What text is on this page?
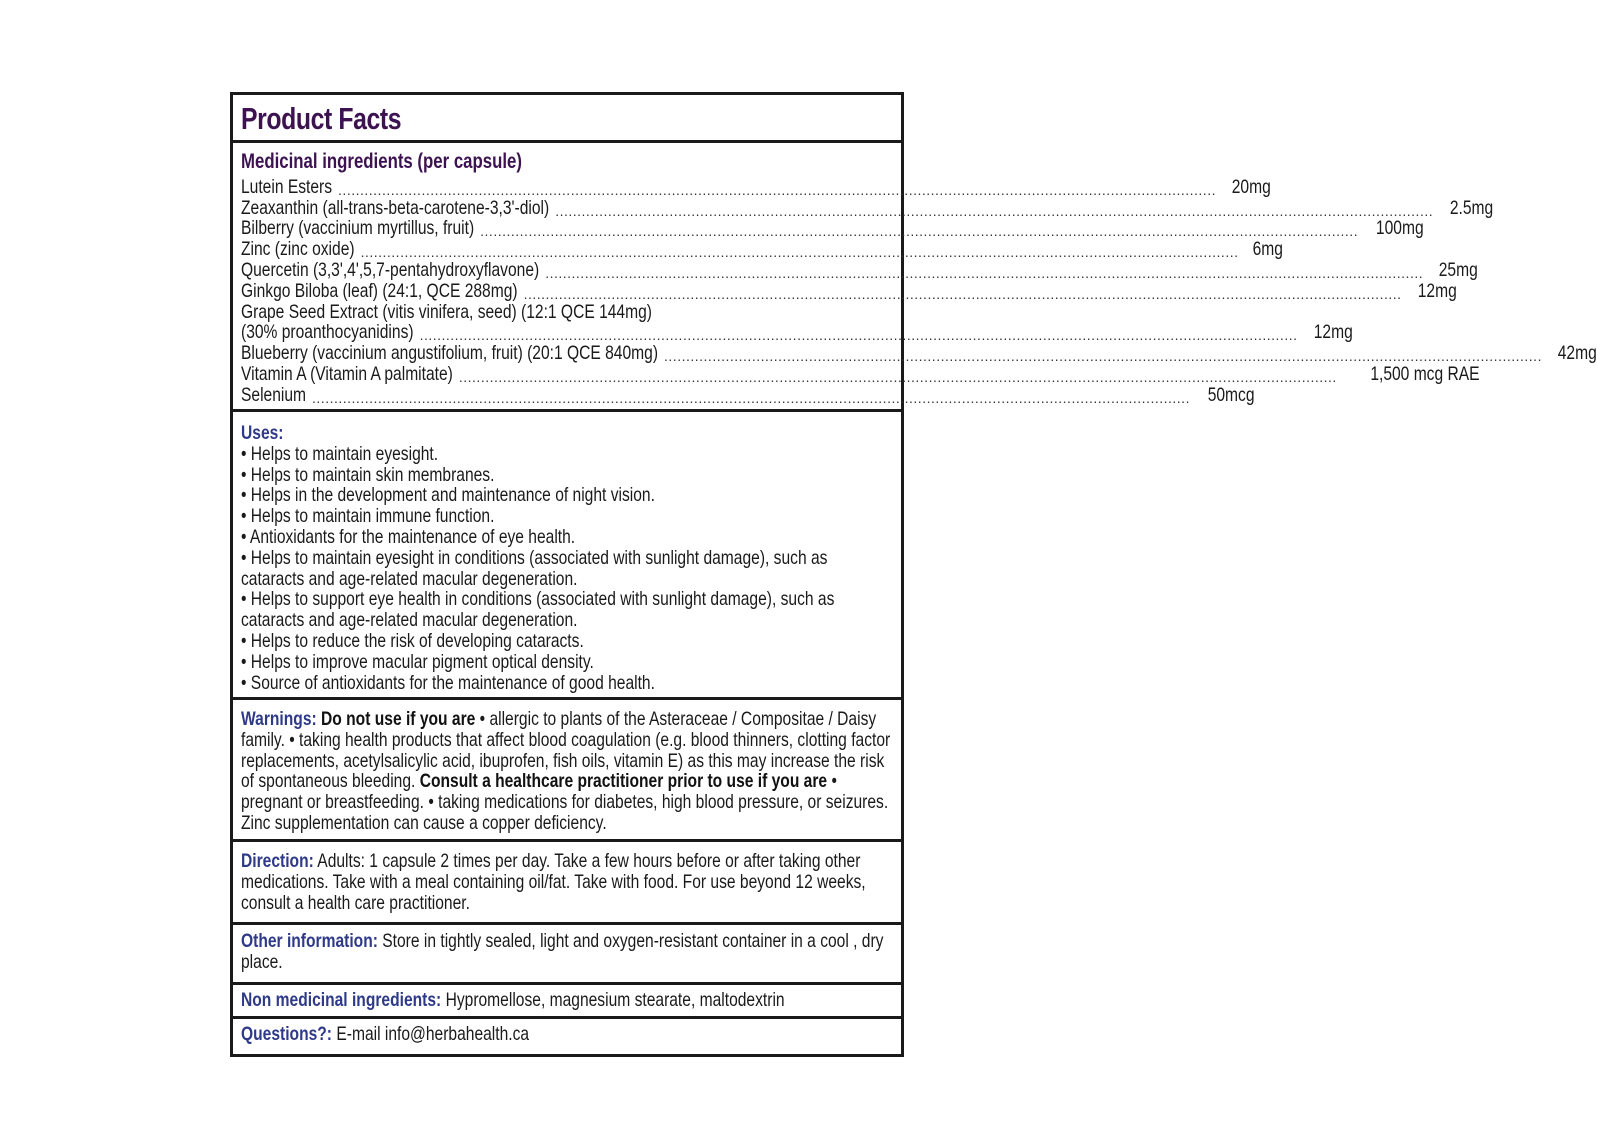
Product Facts
Medicinal ingredients (per capsule)
Lutein Esters ........................................................................................................................................................................................................ 20mg
Zeaxanthin (all-trans-beta-carotene-3,3'-diol) ........................................................................................................................................................................................................ 2.5mg
Bilberry (vaccinium myrtillus, fruit) ........................................................................................................................................................................................................ 100mg
Zinc (zinc oxide) ........................................................................................................................................................................................................ 6mg
Quercetin (3,3',4',5,7-pentahydroxyflavone) ........................................................................................................................................................................................................ 25mg
Ginkgo Biloba (leaf) (24:1, QCE 288mg) ........................................................................................................................................................................................................ 12mg
Grape Seed Extract (vitis vinifera, seed) (12:1 QCE 144mg)
(30% proanthocyanidins) ........................................................................................................................................................................................................ 12mg
Blueberry (vaccinium angustifolium, fruit) (20:1 QCE 840mg) ........................................................................................................................................................................................................ 42mg
Vitamin A (Vitamin A palmitate) ........................................................................................................................................................................................................	1,500 mcg RAE
Selenium ........................................................................................................................................................................................................ 50mcg
Uses:
• Helps to maintain eyesight.
• Helps to maintain skin membranes.
• Helps in the development and maintenance of night vision.
• Helps to maintain immune function.
• Antioxidants for the maintenance of eye health.
• Helps to maintain eyesight in conditions (associated with sunlight damage), such as cataracts and age-related macular degeneration.
• Helps to support eye health in conditions (associated with sunlight damage), such as cataracts and age-related macular degeneration.
• Helps to reduce the risk of developing cataracts.
• Helps to improve macular pigment optical density.
• Source of antioxidants for the maintenance of good health.
Warnings: Do not use if you are • allergic to plants of the Asteraceae / Compositae / Daisy family. • taking health products that affect blood coagulation (e.g. blood thinners, clotting factor replacements, acetylsalicylic acid, ibuprofen, fish oils, vitamin E) as this may increase the risk of spontaneous bleeding. Consult a healthcare practitioner prior to use if you are • pregnant or breastfeeding. • taking medications for diabetes, high blood pressure, or seizures. Zinc supplementation can cause a copper deficiency.
Direction: Adults: 1 capsule 2 times per day. Take a few hours before or after taking other medications. Take with a meal containing oil/fat. Take with food. For use beyond 12 weeks, consult a health care practitioner.
Other information: Store in tightly sealed, light and oxygen-resistant container in a cool , dry place.
Non medicinal ingredients: Hypromellose, magnesium stearate, maltodextrin
Questions?: E-mail info@herbahealth.ca
